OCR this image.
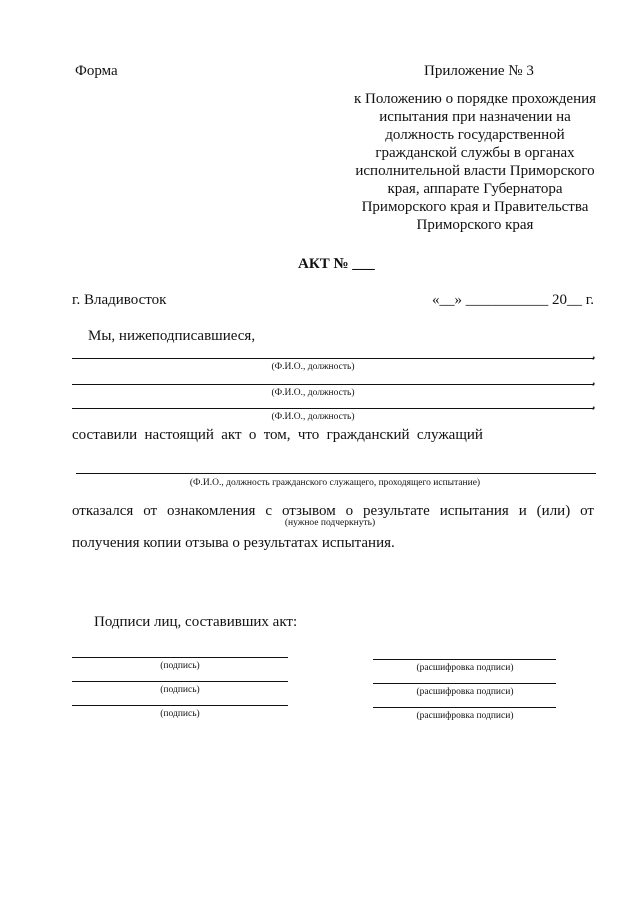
Форма	Приложение № 3
к Положению о порядке прохождения
испытания при назначении на
должность государственной
гражданской службы в органах
исполнительной власти Приморского
края, аппарате Губернатора
Приморского края и Правительства
Приморского края
АКТ № ___
г. Владивосток	«__» ___________ 20__ г.
Мы, нижеподписавшиеся,
,
(Ф.И.О., должность)
,
(Ф.И.О., должность)
,
(Ф.И.О., должность)
составили настоящий акт о том, что гражданский служащий
(Ф.И.О., должность гражданского служащего, проходящего испытание)
отказался от ознакомления с отзывом о результате испытания и (или) от
(нужное подчеркнуть)
получения копии отзыва о результатах испытания.
Подписи лиц, составивших акт:
(подпись)	(расшифровка подписи)
(подпись)	(расшифровка подписи)
(подпись)	(расшифровка подписи)
